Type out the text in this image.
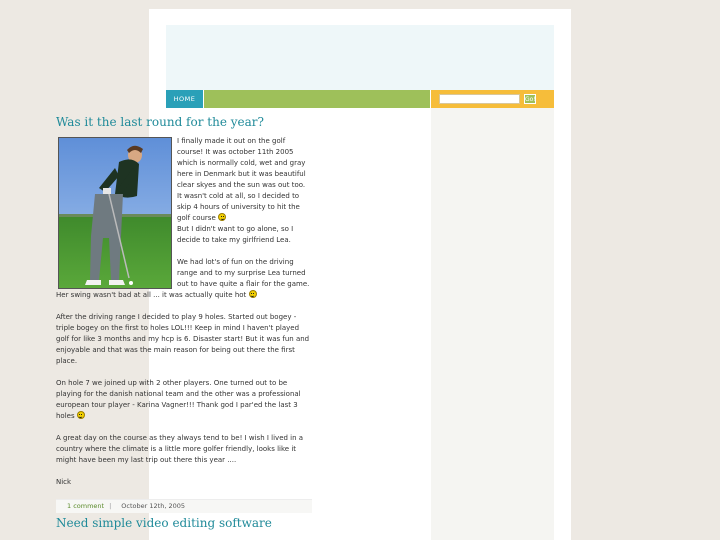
HOME	Go!
Was it the last round for the year?

I finally made it out on the golf course! It was october 11th 2005 which is normally cold, wet and gray here in Denmark but it was beautiful clear skyes and the sun was out too. It wasn't cold at all, so I decided to skip 4 hours of university to hit the golf course
But I didn't want to go alone, so I decide to take my girlfriend Lea.

We had lot's of fun on the driving range and to my surprise Lea turned out to have quite a flair for the game. Her swing wasn't bad at all ... it was actually quite hot

After the driving range I decided to play 9 holes. Started out bogey - triple bogey on the first to holes LOL!!! Keep in mind I haven't played golf for like 3 months and my hcp is 6. Disaster start! But it was fun and enjoyable and that was the main reason for being out there the first place.

On hole 7 we joined up with 2 other players. One turned out to be playing for the danish national team and the other was a professional european tour player - Karina Vagner!!! Thank god I par'ed the last 3 holes

A great day on the course as they always tend to be! I wish I lived in a country where the climate is a little more golfer friendly, looks like it might have been my last trip out there this year ....

Nick

1 comment | October 12th, 2005
Need simple video editing software
